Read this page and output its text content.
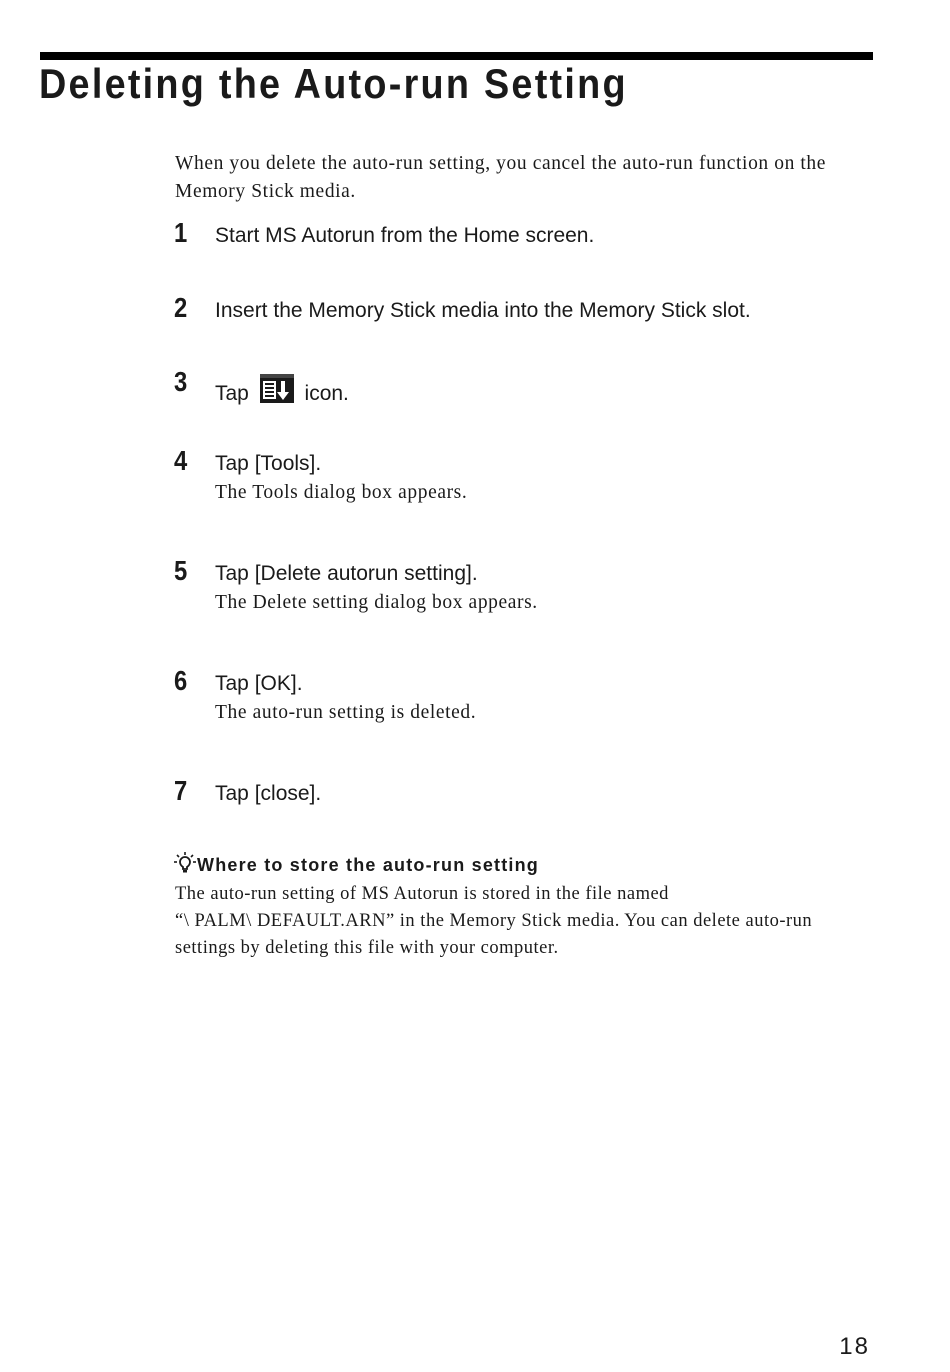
Deleting the Auto-run Setting

When you delete the auto-run setting, you cancel the auto-run function on the Memory Stick media.

1 Start MS Autorun from the Home screen.
2 Insert the Memory Stick media into the Memory Stick slot.
3 Tap  icon.
4 Tap [Tools].
The Tools dialog box appears.
5 Tap [Delete autorun setting].
The Delete setting dialog box appears.
6 Tap [OK].
The auto-run setting is deleted.
7 Tap [close].
Where to store the auto-run setting

The auto-run setting of MS Autorun is stored in the file named
“\ PALM\ DEFAULT.ARN” in the Memory Stick media. You can delete auto-run
settings by deleting this file with your computer.

18
